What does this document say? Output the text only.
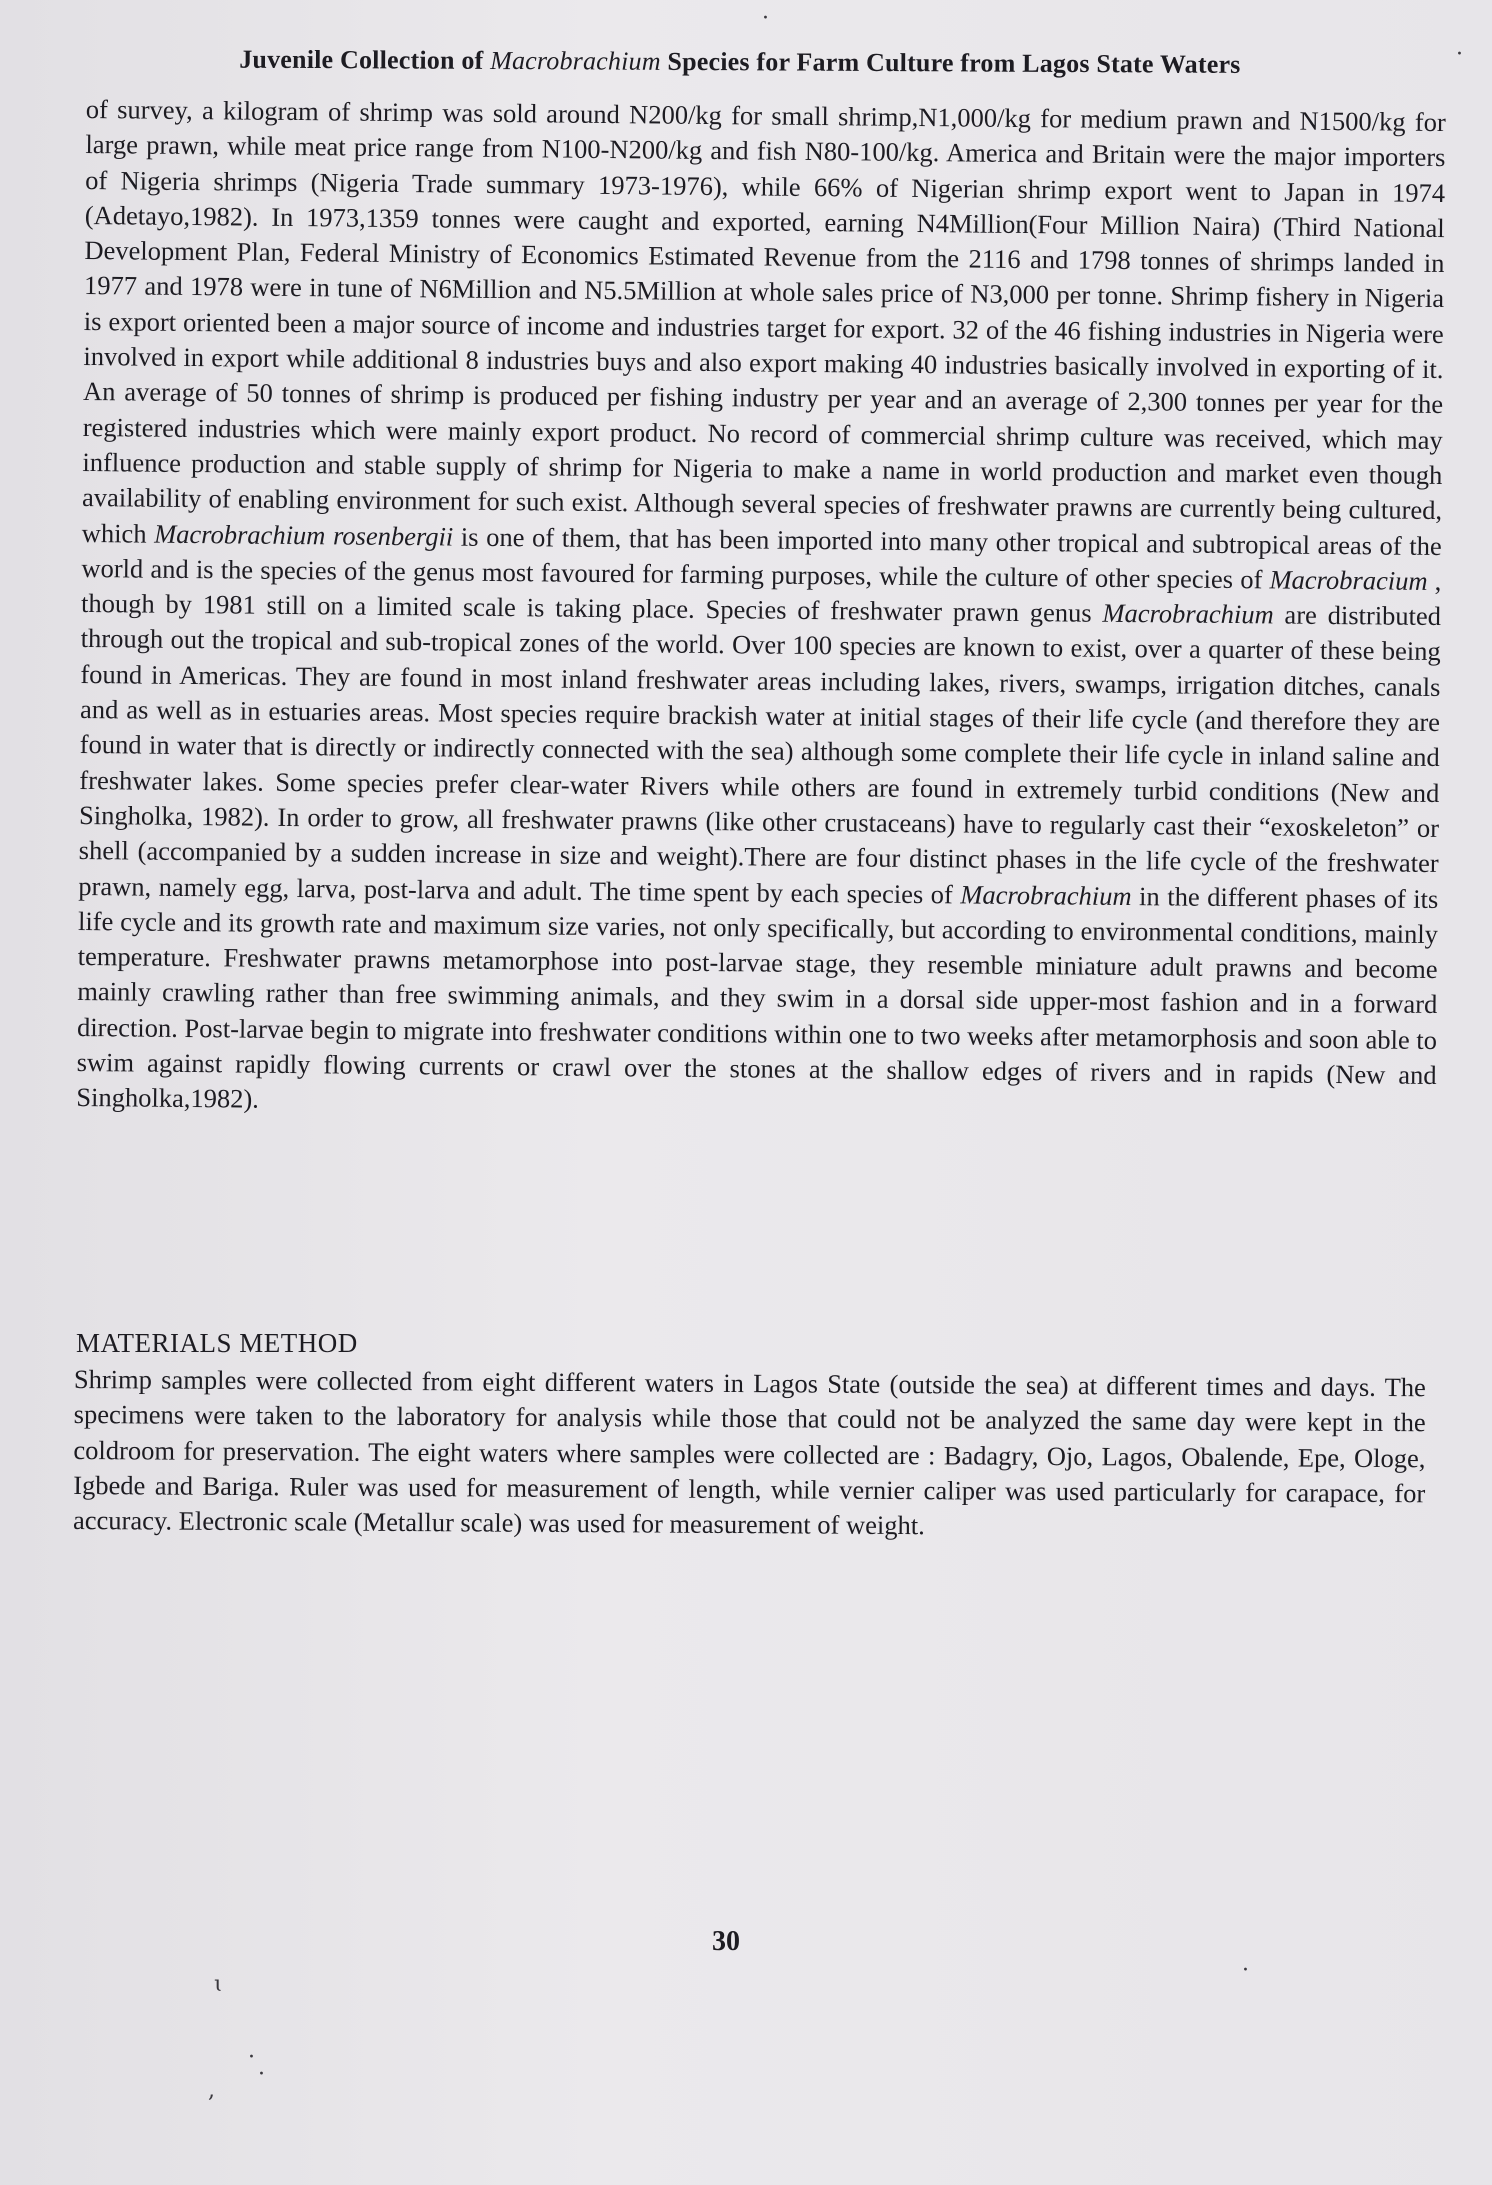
Juvenile Collection of Macrobrachium Species for Farm Culture from Lagos State Waters

of survey, a kilogram of shrimp was sold around N200/kg for small shrimp,N1,000/kg for medium prawn and N1500/kg for large prawn, while meat price range from N100-N200/kg and fish N80-100/kg. America and Britain were the major importers of Nigeria shrimps (Nigeria Trade summary 1973-1976), while 66% of Nigerian shrimp export went to Japan in 1974 (Adetayo,1982). In 1973,1359 tonnes were caught and exported, earning N4Million(Four Million Naira) (Third National Development Plan, Federal Ministry of Economics Estimated Revenue from the 2116 and 1798 tonnes of shrimps landed in 1977 and 1978 were in tune of N6Million and N5.5Million at whole sales price of N3,000 per tonne. Shrimp fishery in Nigeria is export oriented been a major source of income and industries target for export. 32 of the 46 fishing industries in Nigeria were involved in export while additional 8 industries buys and also export making 40 industries basically involved in exporting of it. An average of 50 tonnes of shrimp is produced per fishing industry per year and an average of 2,300 tonnes per year for the registered industries which were mainly export product. No record of commercial shrimp culture was received, which may influence production and stable supply of shrimp for Nigeria to make a name in world production and market even though availability of enabling environment for such exist. Although several species of freshwater prawns are currently being cultured, which Macrobrachium rosenbergii is one of them, that has been imported into many other tropical and subtropical areas of the world and is the species of the genus most favoured for farming purposes, while the culture of other species of Macrobracium , though by 1981 still on a limited scale is taking place. Species of freshwater prawn genus Macrobrachium are distributed through out the tropical and sub-tropical zones of the world. Over 100 species are known to exist, over a quarter of these being found in Americas. They are found in most inland freshwater areas including lakes, rivers, swamps, irrigation ditches, canals and as well as in estuaries areas. Most species require brackish water at initial stages of their life cycle (and therefore they are found in water that is directly or indirectly connected with the sea) although some complete their life cycle in inland saline and freshwater lakes. Some species prefer clear-water Rivers while others are found in extremely turbid conditions (New and Singholka, 1982). In order to grow, all freshwater prawns (like other crustaceans) have to regularly cast their “exoskeleton” or shell (accompanied by a sudden increase in size and weight).There are four distinct phases in the life cycle of the freshwater prawn, namely egg, larva, post-larva and adult. The time spent by each species of Macrobrachium in the different phases of its life cycle and its growth rate and maximum size varies, not only specifically, but according to environmental conditions, mainly temperature. Freshwater prawns metamorphose into post-larvae stage, they resemble miniature adult prawns and become mainly crawling rather than free swimming animals, and they swim in a dorsal side upper-most fashion and in a forward direction. Post-larvae begin to migrate into freshwater conditions within one to two weeks after metamorphosis and soon able to swim against rapidly flowing currents or crawl over the stones at the shallow edges of rivers and in rapids (New and Singholka,1982).

MATERIALS METHOD

Shrimp samples were collected from eight different waters in Lagos State (outside the sea) at different times and days. The specimens were taken to the laboratory for analysis while those that could not be analyzed the same day were kept in the coldroom for preservation. The eight waters where samples were collected are : Badagry, Ojo, Lagos, Obalende, Epe, Ologe, Igbede and Bariga. Ruler was used for measurement of length, while vernier caliper was used particularly for carapace, for accuracy. Electronic scale (Metallur scale) was used for measurement of weight.

30
·
·
ɩ
·
,
·
·
